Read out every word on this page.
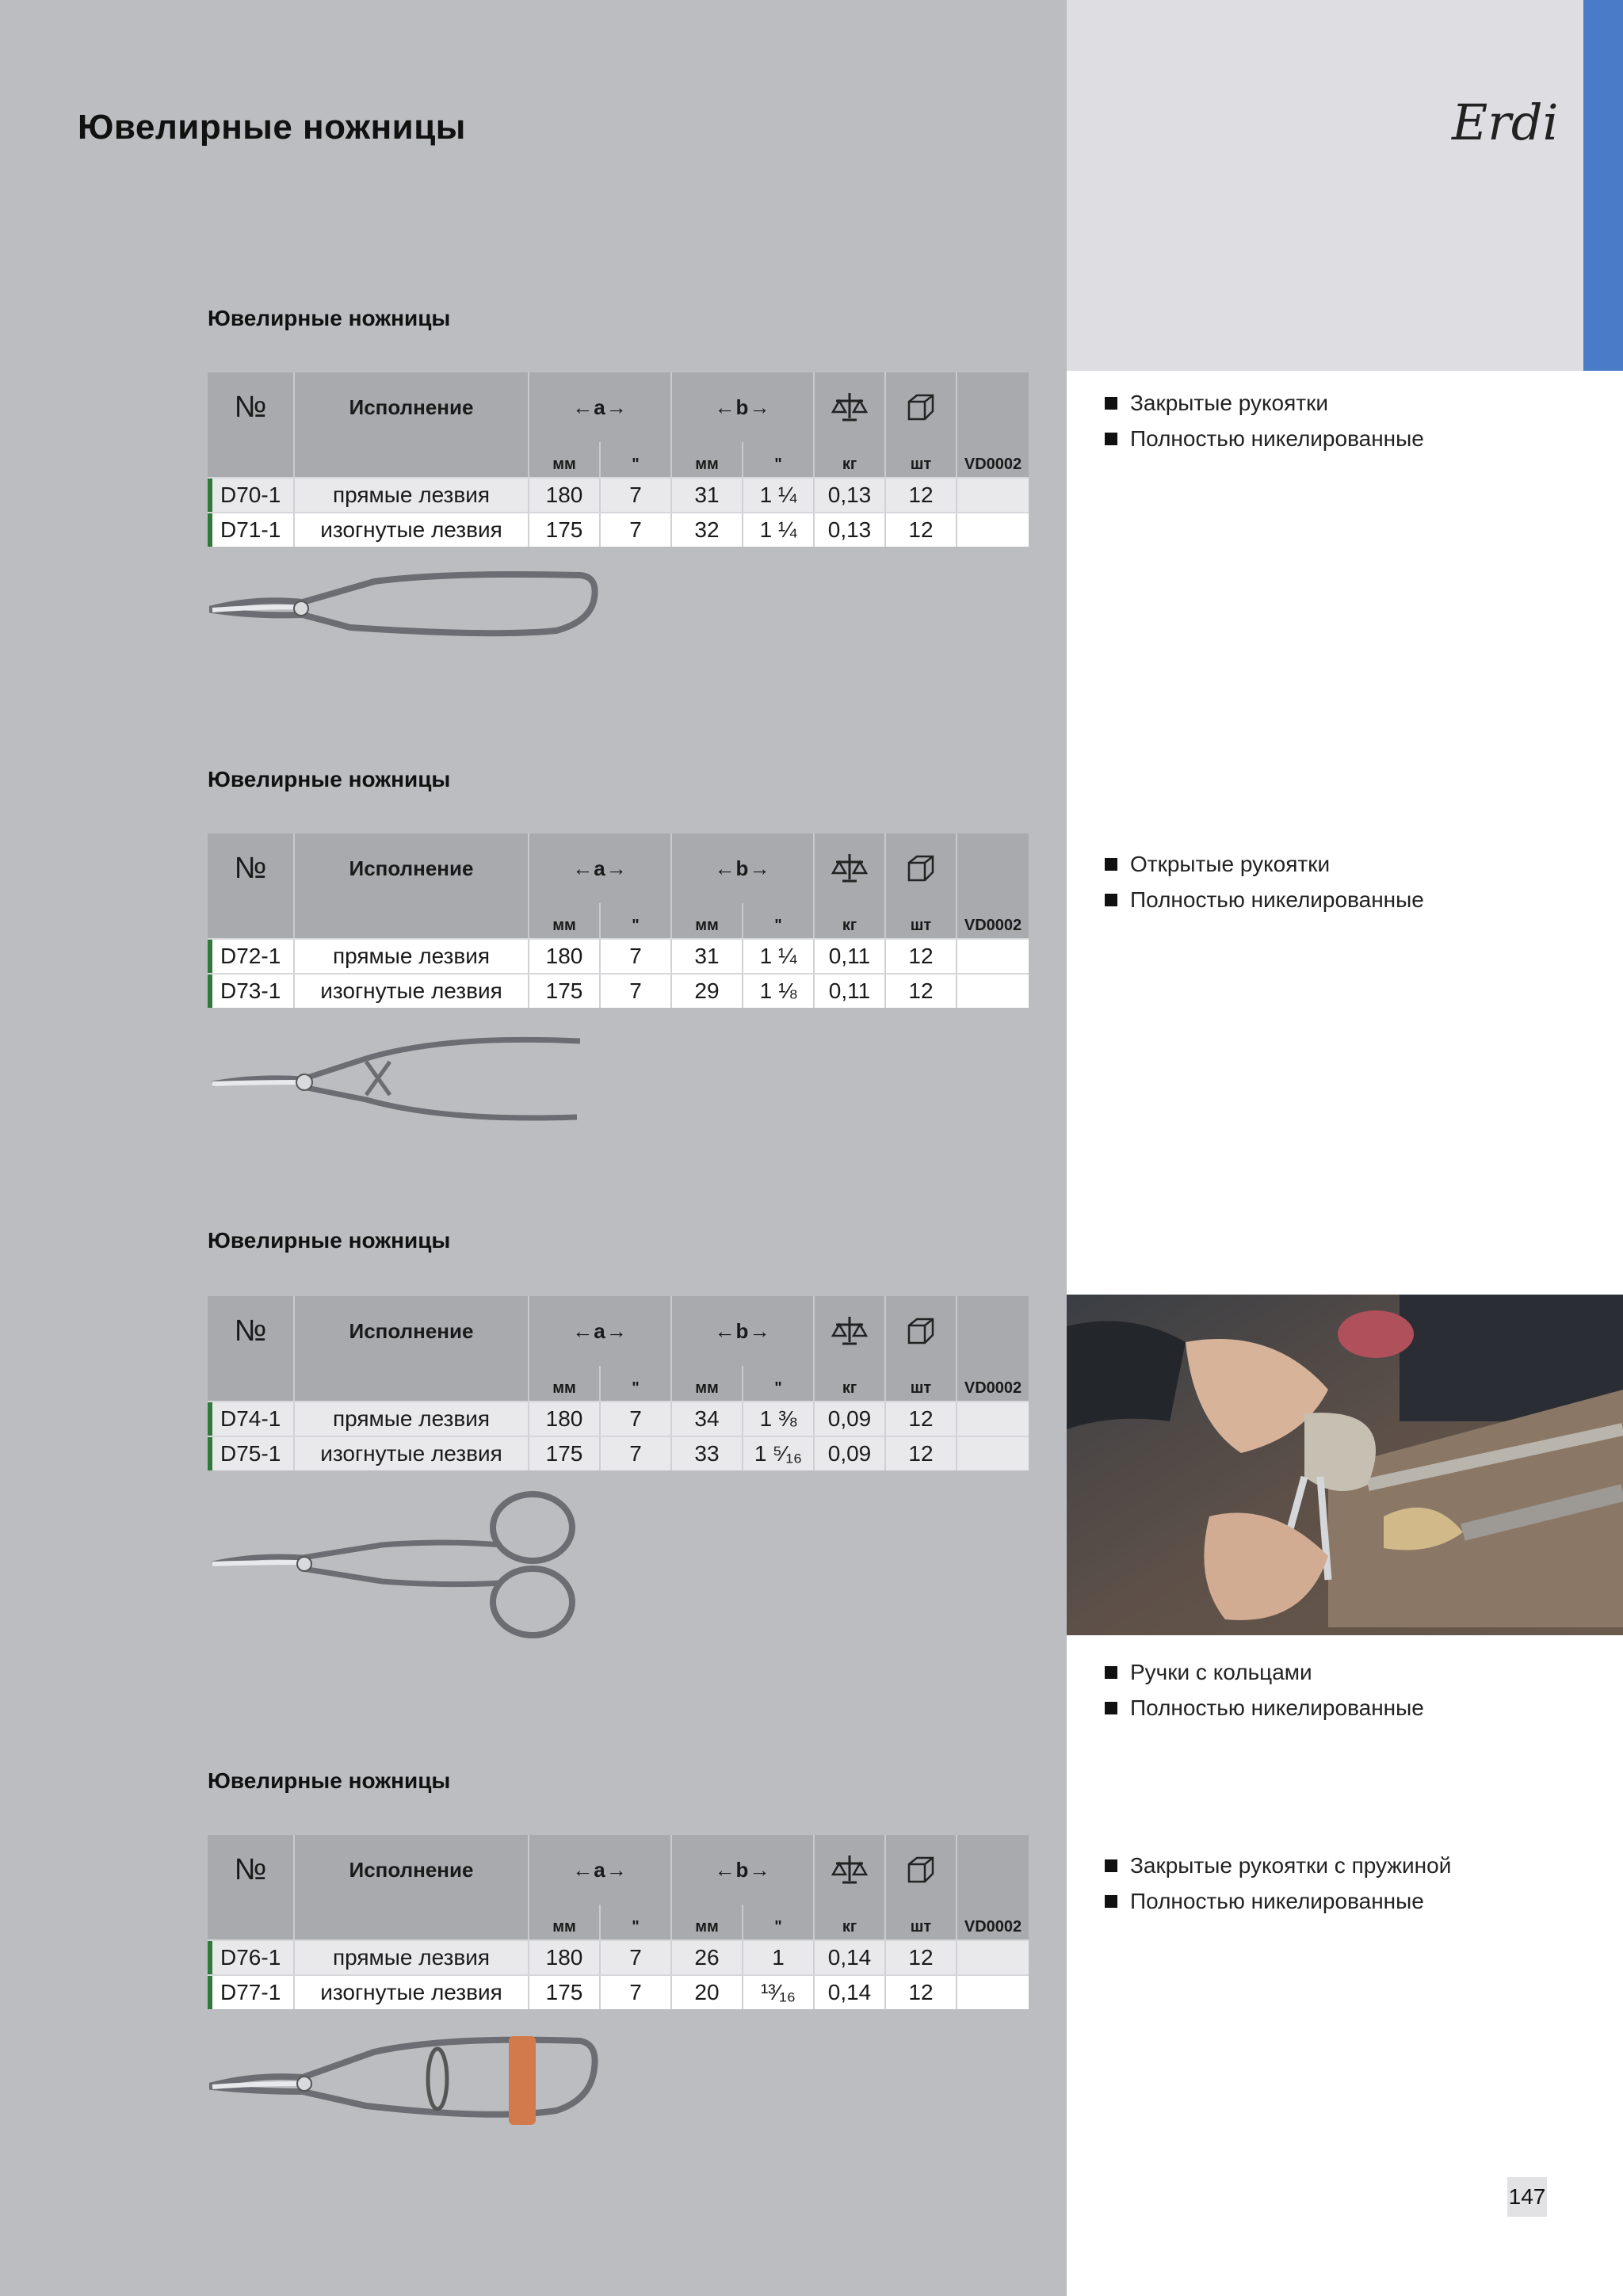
Ювелирные ножницы	Erdi
Ювелирные ножницы
№	Исполнение	←a→	←b→
мм	"	мм	"	кг	шт	VD0002
D70-1	прямые лезвия	180	7	31	1 ¼	0,13	12
D71-1	изогнутые лезвия	175	7	32	1 ¼	0,13	12
Закрытые рукоятки
Полностью никелированные
Ювелирные ножницы
№	Исполнение	←a→	←b→
мм	"	мм	"	кг	шт	VD0002
D72-1	прямые лезвия	180	7	31	1 ¼	0,11	12
D73-1	изогнутые лезвия	175	7	29	1 ⅛	0,11	12
Открытые рукоятки
Полностью никелированные
Ювелирные ножницы
№	Исполнение	←a→	←b→
мм	"	мм	"	кг	шт	VD0002
D74-1	прямые лезвия	180	7	34	1 ⅜	0,09	12
D75-1	изогнутые лезвия	175	7	33	1 ⁵⁄₁₆	0,09	12
Ручки с кольцами
Полностью никелированные
Ювелирные ножницы
№	Исполнение	←a→	←b→
мм	"	мм	"	кг	шт	VD0002
D76-1	прямые лезвия	180	7	26	1	0,14	12
D77-1	изогнутые лезвия	175	7	20	¹³⁄₁₆	0,14	12
Закрытые рукоятки с пружиной
Полностью никелированные
147
